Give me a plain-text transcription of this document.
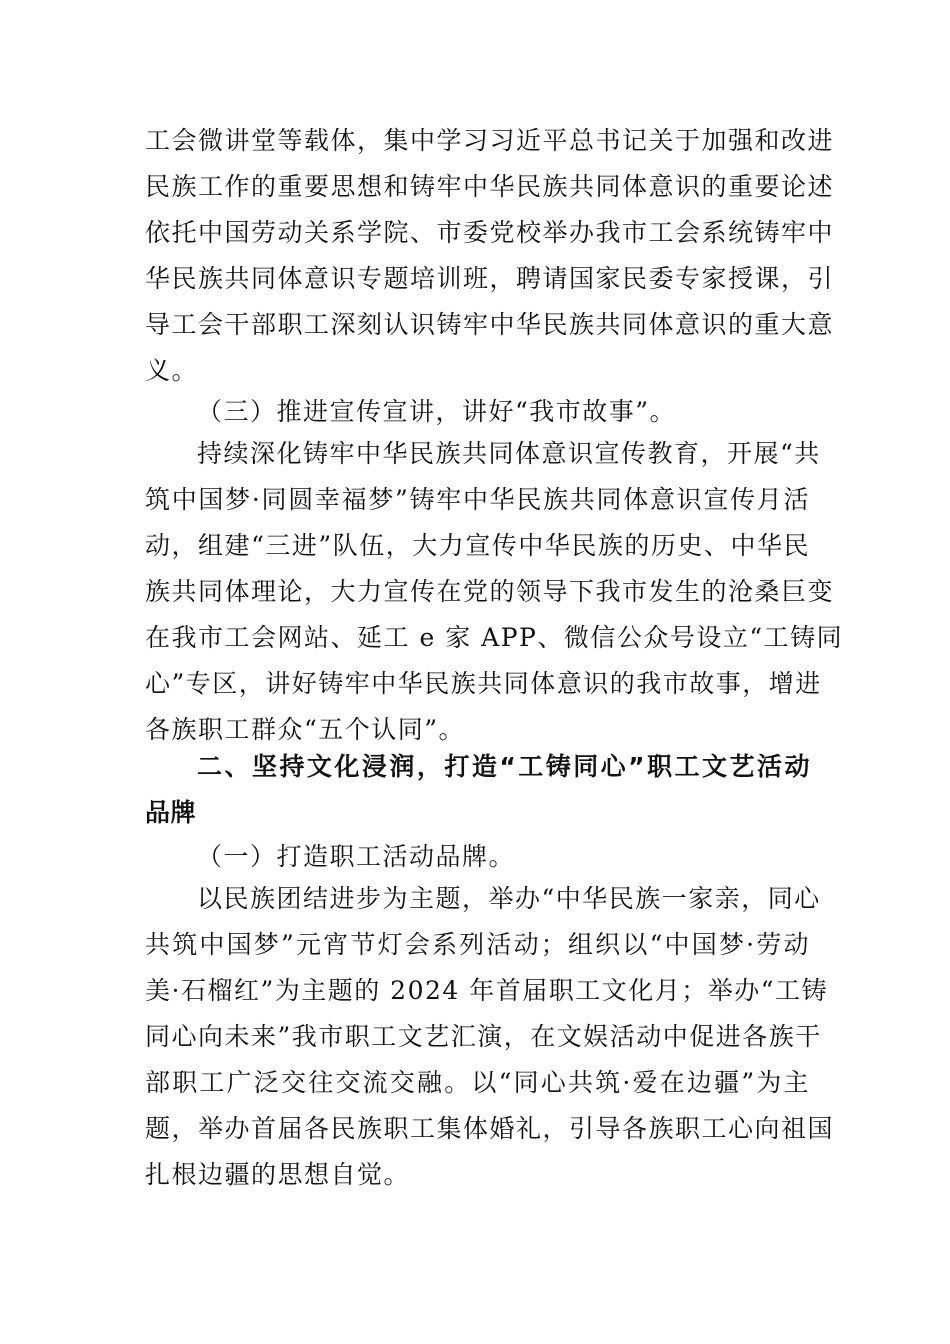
工会微讲堂等载体，集中学习习近平总书记关于加强和改进
民族工作的重要思想和铸牢中华民族共同体意识的重要论述
依托中国劳动关系学院、市委党校举办我市工会系统铸牢中
华民族共同体意识专题培训班，聘请国家民委专家授课，引
导工会干部职工深刻认识铸牢中华民族共同体意识的重大意
义。
（三）推进宣传宣讲，讲好“我市故事”。
持续深化铸牢中华民族共同体意识宣传教育，开展“共
筑中国梦·同圆幸福梦”铸牢中华民族共同体意识宣传月活
动，组建“三进”队伍，大力宣传中华民族的历史、中华民
族共同体理论，大力宣传在党的领导下我市发生的沧桑巨变
在我市工会网站、延工 e 家 APP、微信公众号设立“工铸同
心”专区，讲好铸牢中华民族共同体意识的我市故事，增进
各族职工群众“五个认同”。
二、坚持文化浸润，打造“工铸同心”职工文艺活动
品牌
（一）打造职工活动品牌。
以民族团结进步为主题，举办“中华民族一家亲，同心
共筑中国梦”元宵节灯会系列活动；组织以“中国梦·劳动
美·石榴红”为主题的 2024 年首届职工文化月；举办“工铸
同心向未来”我市职工文艺汇演，在文娱活动中促进各族干
部职工广泛交往交流交融。以“同心共筑·爱在边疆”为主
题，举办首届各民族职工集体婚礼，引导各族职工心向祖国
扎根边疆的思想自觉。
